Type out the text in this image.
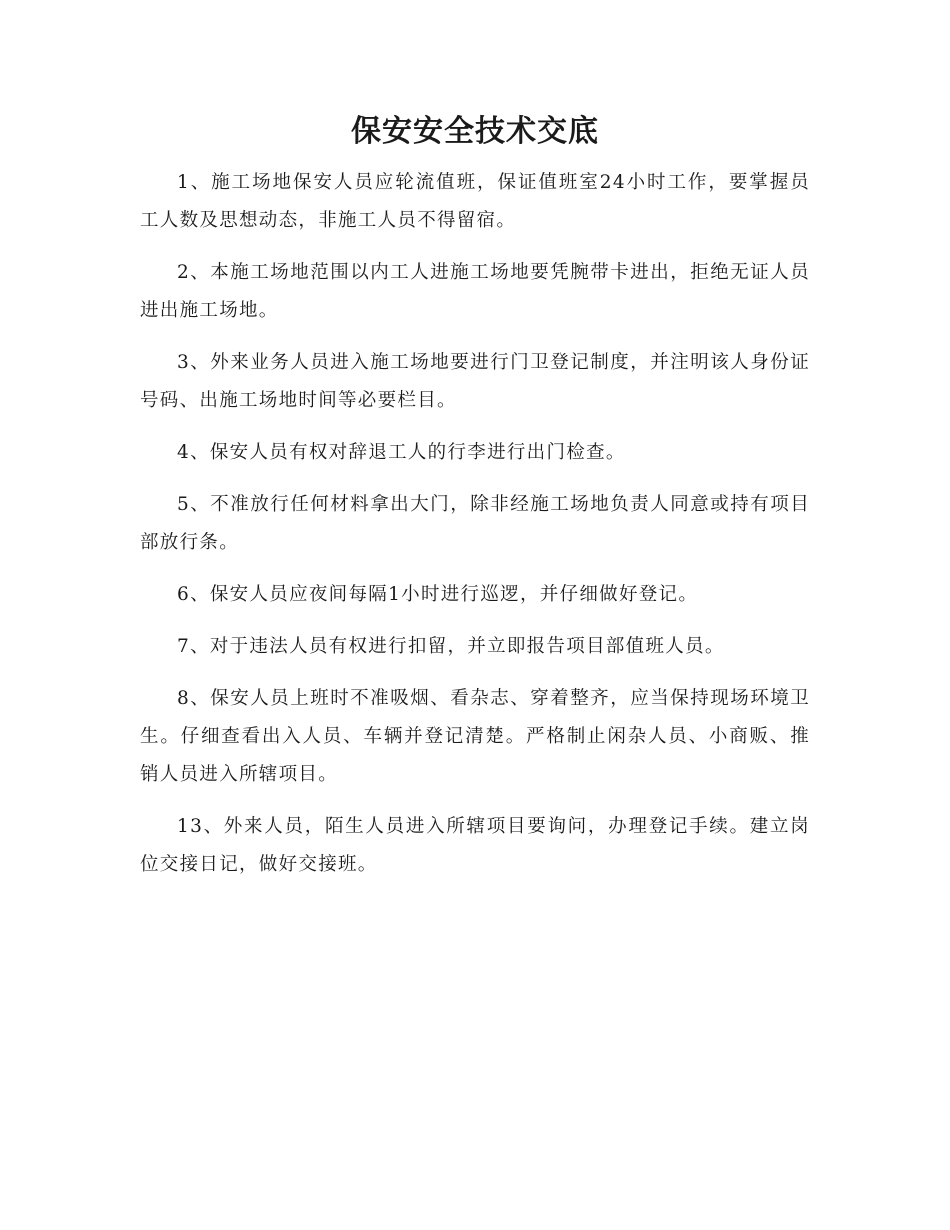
保安安全技术交底

1、施工场地保安人员应轮流值班，保证值班室24小时工作，要掌握员工人数及思想动态，非施工人员不得留宿。

2、本施工场地范围以内工人进施工场地要凭腕带卡进出，拒绝无证人员进出施工场地。

3、外来业务人员进入施工场地要进行门卫登记制度，并注明该人身份证号码、出施工场地时间等必要栏目。

4、保安人员有权对辞退工人的行李进行出门检查。

5、不准放行任何材料拿出大门，除非经施工场地负责人同意或持有项目部放行条。

6、保安人员应夜间每隔1小时进行巡逻，并仔细做好登记。

7、对于违法人员有权进行扣留，并立即报告项目部值班人员。

8、保安人员上班时不准吸烟、看杂志、穿着整齐，应当保持现场环境卫生。仔细查看出入人员、车辆并登记清楚。严格制止闲杂人员、小商贩、推销人员进入所辖项目。

13、外来人员，陌生人员进入所辖项目要询问，办理登记手续。建立岗位交接日记，做好交接班。
